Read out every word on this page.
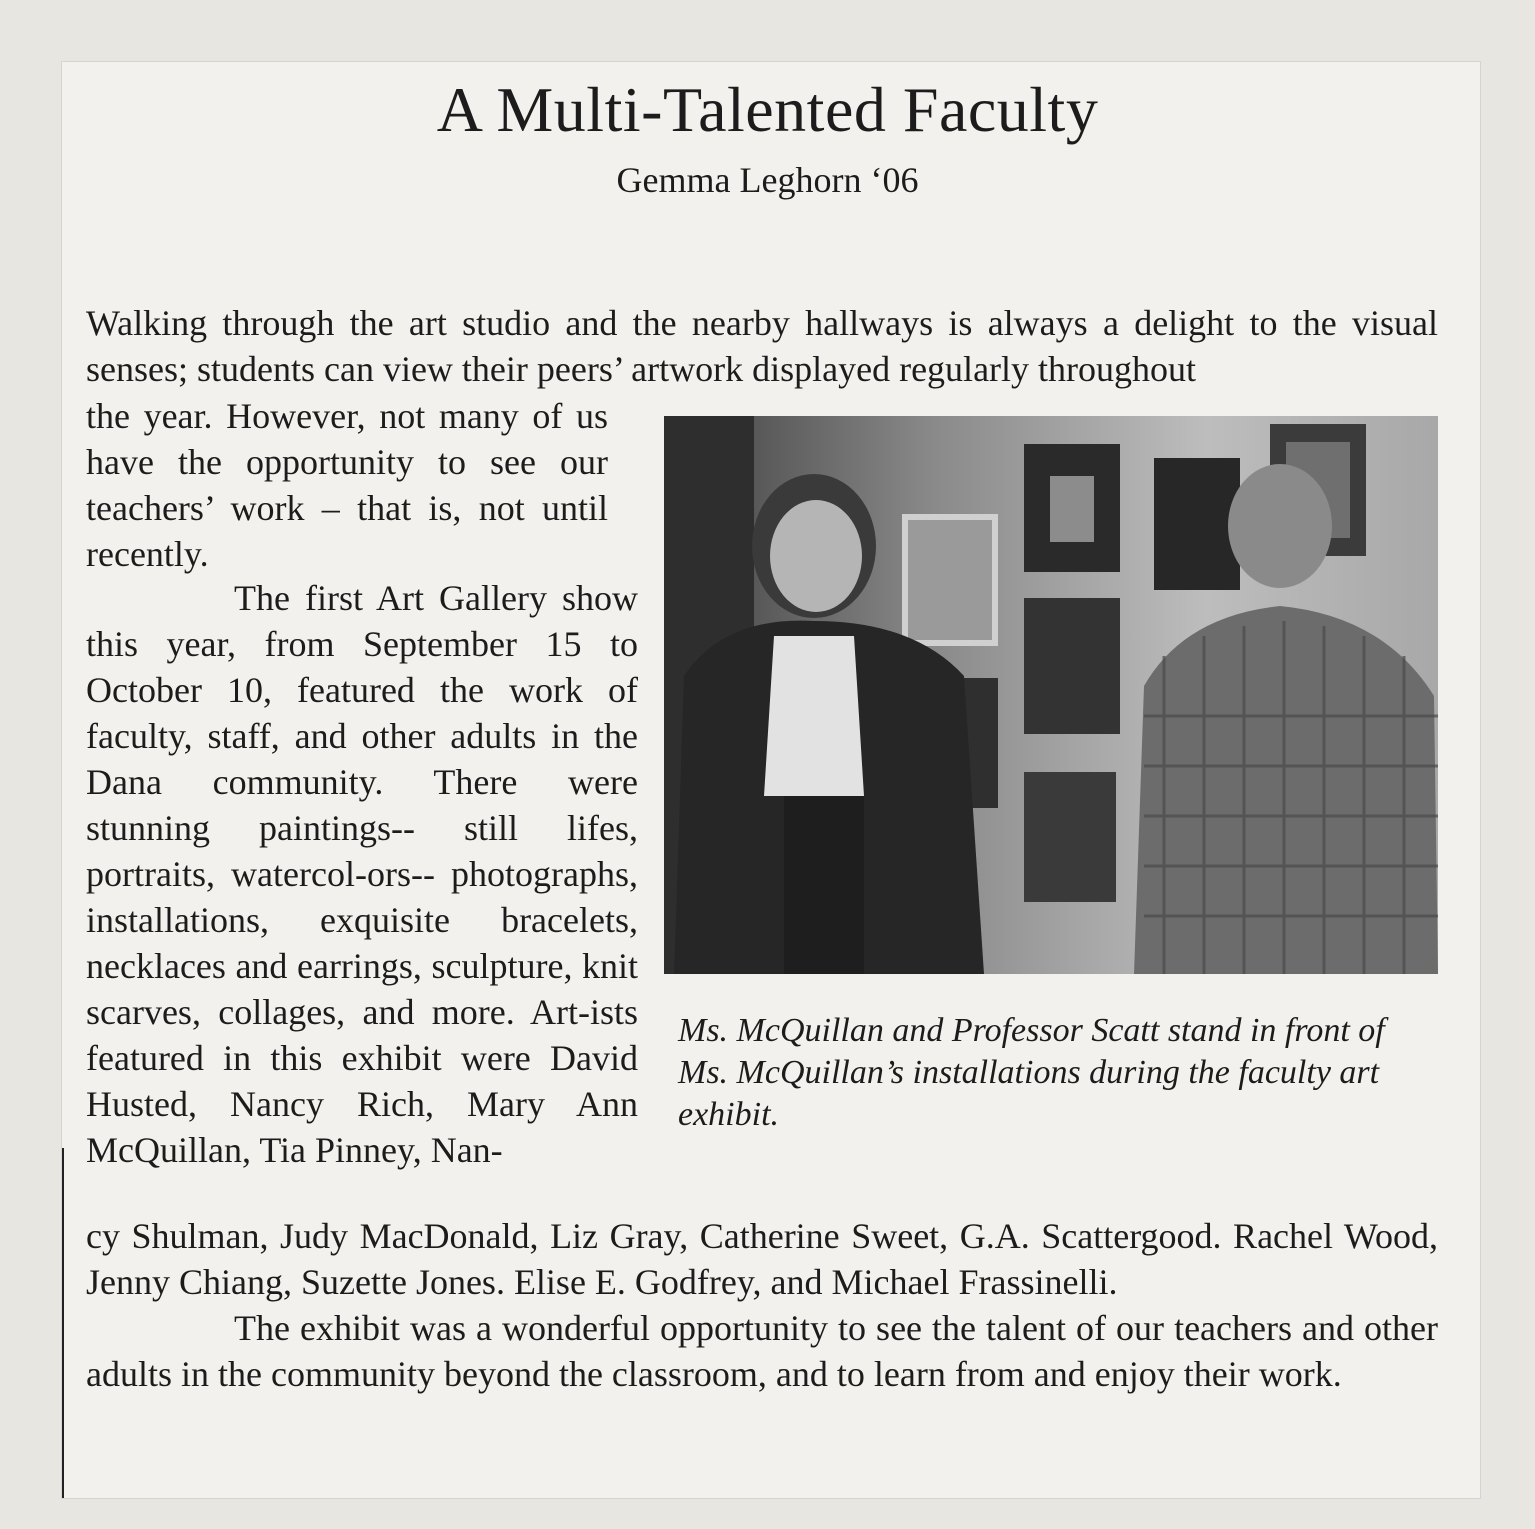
A Multi-Talented Faculty

Gemma Leghorn ‘06

Walking through the art studio and the nearby hallways is always a delight to the visual senses; students can view their peers’ artwork displayed regularly throughout

the year. However, not many of us have the opportunity to see our teachers’ work – that is, not until recently.

The first Art Gallery show this year, from September 15 to October 10, featured the work of faculty, staff, and other adults in the Dana community. There were stunning paintings-- still lifes, portraits, watercol-ors-- photographs, installations, exquisite bracelets, necklaces and earrings, sculpture, knit scarves, collages, and more. Art-ists featured in this exhibit were David Husted, Nancy Rich, Mary Ann McQuillan, Tia Pinney, Nan-

cy Shulman, Judy MacDonald, Liz Gray, Catherine Sweet, G.A. Scattergood. Rachel Wood, Jenny Chiang, Suzette Jones. Elise E. Godfrey, and Michael Frassinelli.

The exhibit was a wonderful opportunity to see the talent of our teachers and other adults in the community beyond the classroom, and to learn from and enjoy their work.

Ms. McQuillan and Professor Scatt stand in front of Ms. McQuillan’s installations during the faculty art exhibit.
